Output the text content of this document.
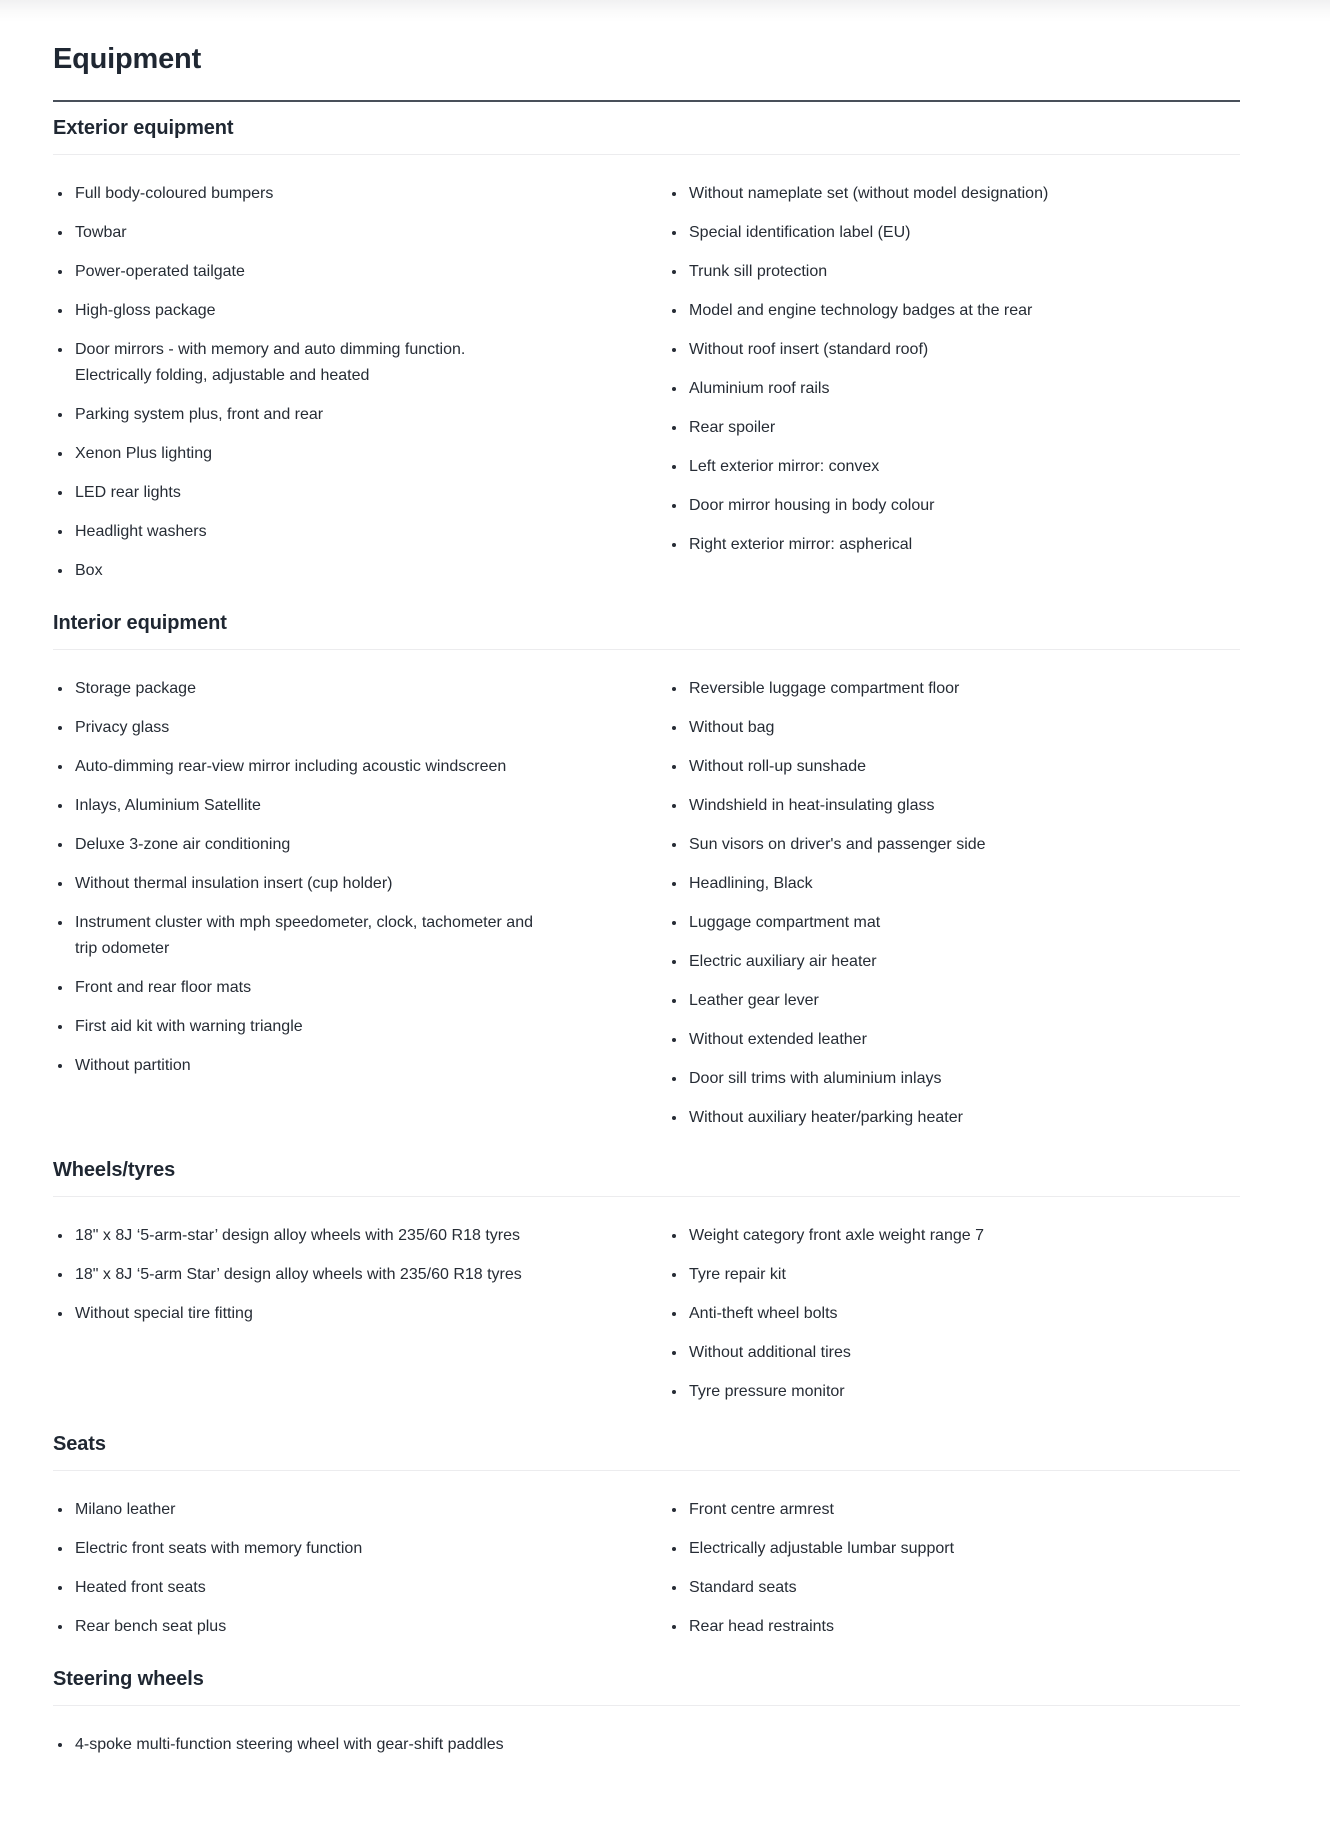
Equipment
Exterior equipment
• Full body-coloured bumpers
• Towbar
• Power-operated tailgate
• High-gloss package
• Door mirrors - with memory and auto dimming function. Electrically folding, adjustable and heated
• Parking system plus, front and rear
• Xenon Plus lighting
• LED rear lights
• Headlight washers
• Box
• Without nameplate set (without model designation)
• Special identification label (EU)
• Trunk sill protection
• Model and engine technology badges at the rear
• Without roof insert (standard roof)
• Aluminium roof rails
• Rear spoiler
• Left exterior mirror: convex
• Door mirror housing in body colour
• Right exterior mirror: aspherical
Interior equipment
• Storage package
• Privacy glass
• Auto-dimming rear-view mirror including acoustic windscreen
• Inlays, Aluminium Satellite
• Deluxe 3-zone air conditioning
• Without thermal insulation insert (cup holder)
• Instrument cluster with mph speedometer, clock, tachometer and trip odometer
• Front and rear floor mats
• First aid kit with warning triangle
• Without partition
• Reversible luggage compartment floor
• Without bag
• Without roll-up sunshade
• Windshield in heat-insulating glass
• Sun visors on driver's and passenger side
• Headlining, Black
• Luggage compartment mat
• Electric auxiliary air heater
• Leather gear lever
• Without extended leather
• Door sill trims with aluminium inlays
• Without auxiliary heater/parking heater
Wheels/tyres
• 18" x 8J ‘5-arm-star’ design alloy wheels with 235/60 R18 tyres
• 18" x 8J ‘5-arm Star’ design alloy wheels with 235/60 R18 tyres
• Without special tire fitting
• Weight category front axle weight range 7
• Tyre repair kit
• Anti-theft wheel bolts
• Without additional tires
• Tyre pressure monitor
Seats
• Milano leather
• Electric front seats with memory function
• Heated front seats
• Rear bench seat plus
• Front centre armrest
• Electrically adjustable lumbar support
• Standard seats
• Rear head restraints
Steering wheels
• 4-spoke multi-function steering wheel with gear-shift paddles
